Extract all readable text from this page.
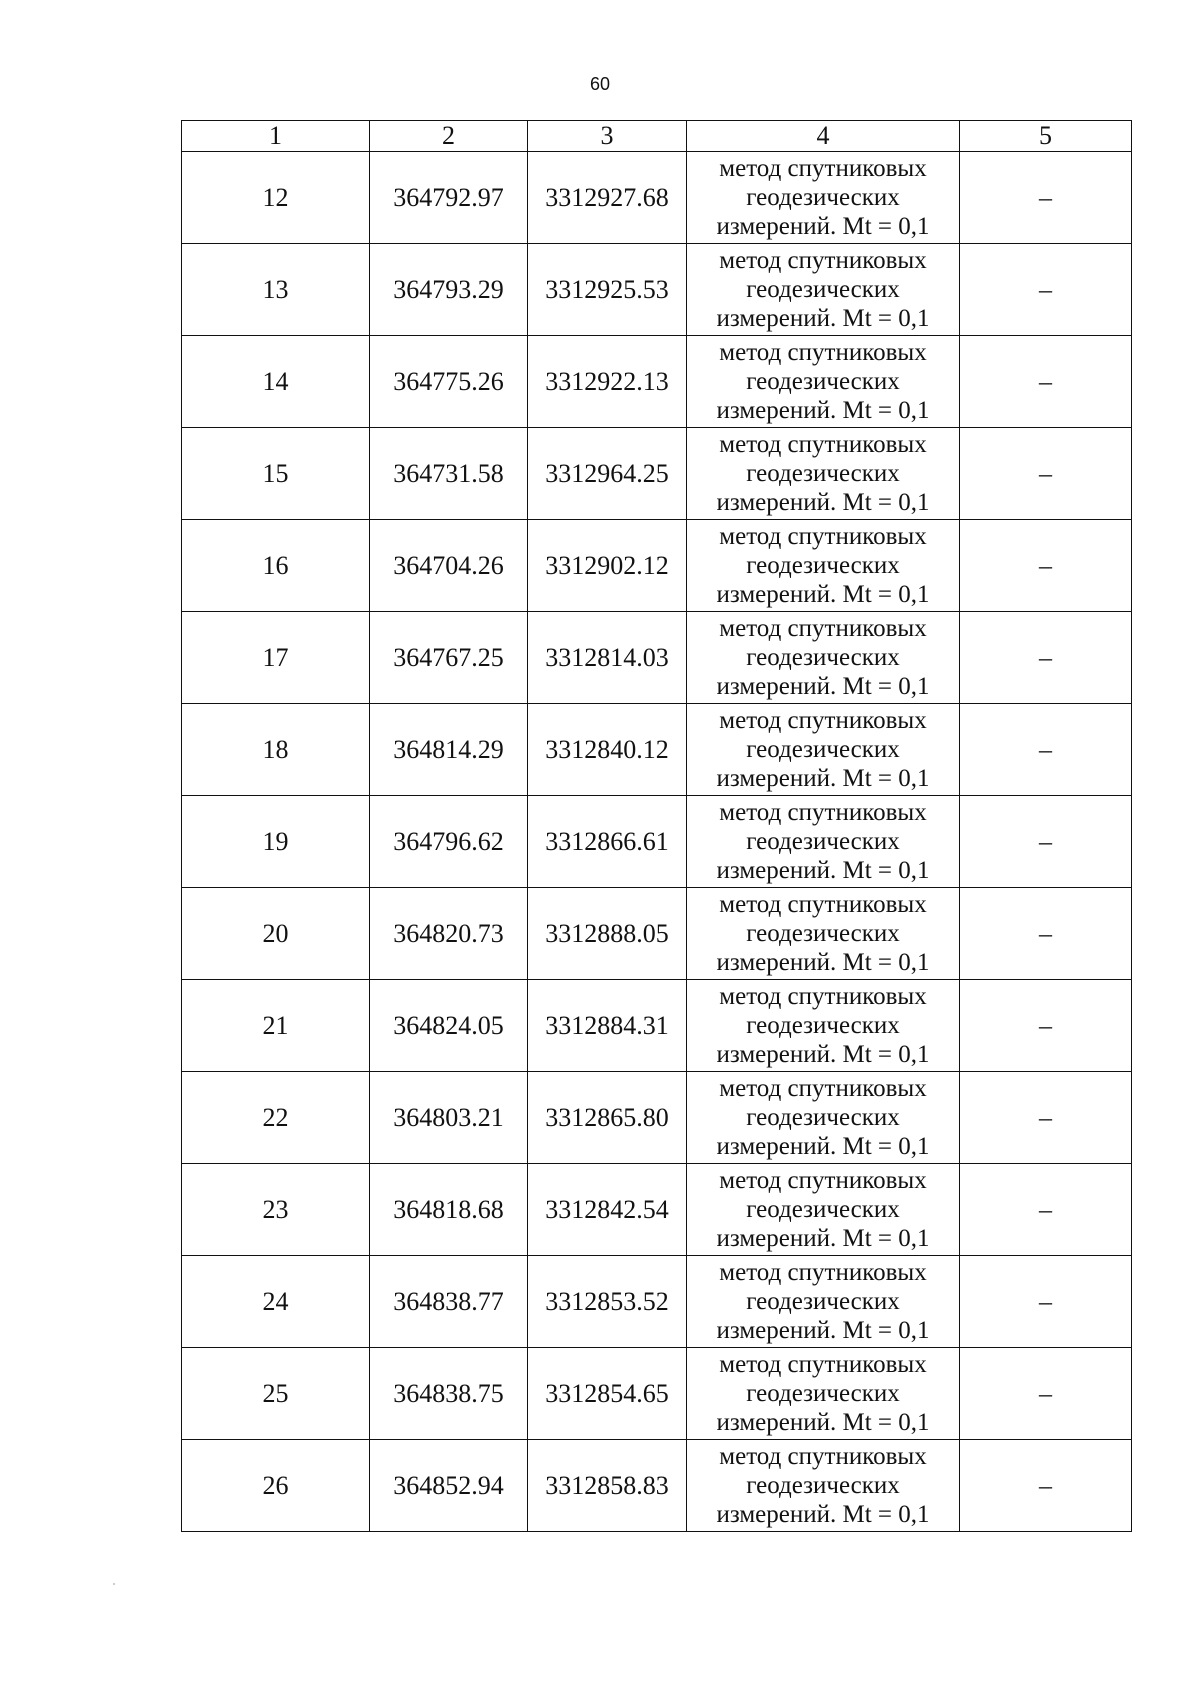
60
1	2	3	4	5
12	364792.97	3312927.68	метод спутниковых
геодезических
измерений. Mt = 0,1	–
13	364793.29	3312925.53	метод спутниковых
геодезических
измерений. Mt = 0,1	–
14	364775.26	3312922.13	метод спутниковых
геодезических
измерений. Mt = 0,1	–
15	364731.58	3312964.25	метод спутниковых
геодезических
измерений. Mt = 0,1	–
16	364704.26	3312902.12	метод спутниковых
геодезических
измерений. Mt = 0,1	–
17	364767.25	3312814.03	метод спутниковых
геодезических
измерений. Mt = 0,1	–
18	364814.29	3312840.12	метод спутниковых
геодезических
измерений. Mt = 0,1	–
19	364796.62	3312866.61	метод спутниковых
геодезических
измерений. Mt = 0,1	–
20	364820.73	3312888.05	метод спутниковых
геодезических
измерений. Mt = 0,1	–
21	364824.05	3312884.31	метод спутниковых
геодезических
измерений. Mt = 0,1	–
22	364803.21	3312865.80	метод спутниковых
геодезических
измерений. Mt = 0,1	–
23	364818.68	3312842.54	метод спутниковых
геодезических
измерений. Mt = 0,1	–
24	364838.77	3312853.52	метод спутниковых
геодезических
измерений. Mt = 0,1	–
25	364838.75	3312854.65	метод спутниковых
геодезических
измерений. Mt = 0,1	–
26	364852.94	3312858.83	метод спутниковых
геодезических
измерений. Mt = 0,1	–
